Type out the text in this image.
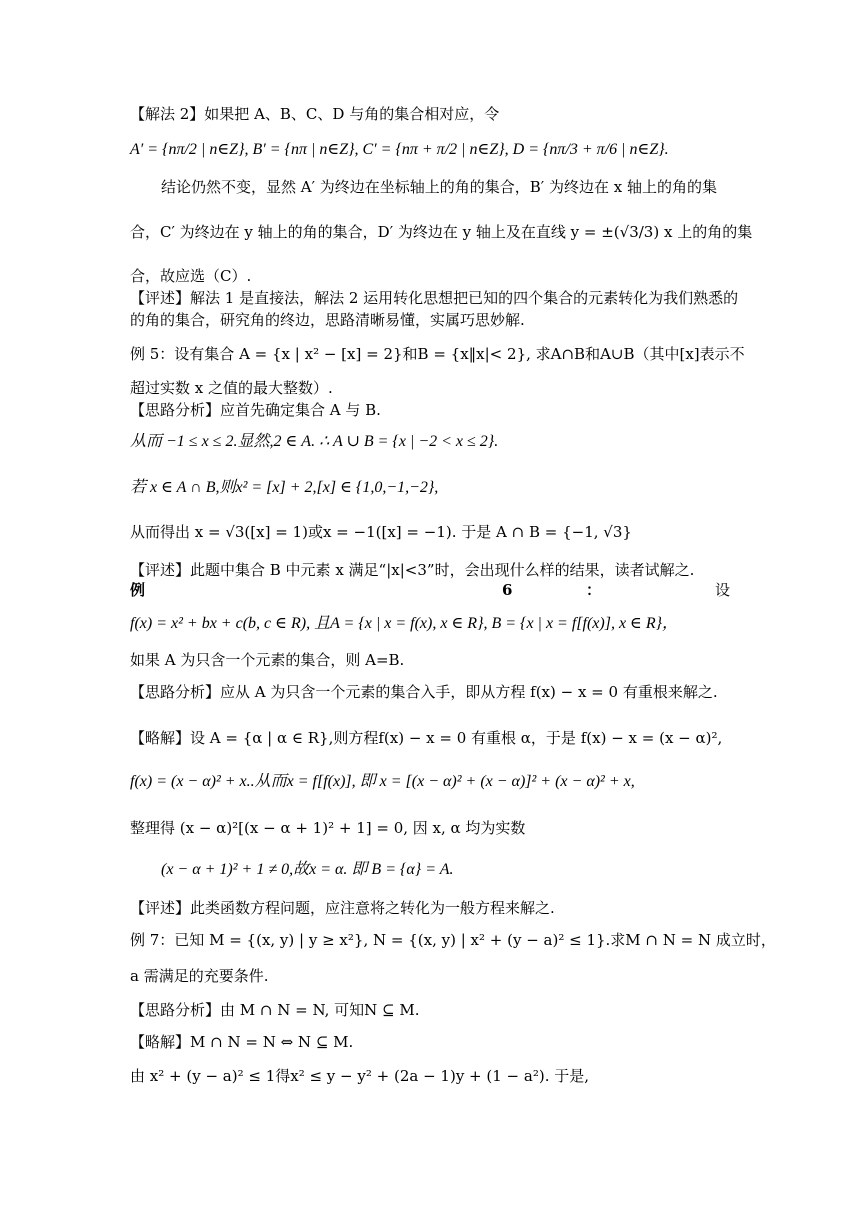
【解法 2】如果把 A、B、C、D 与角的集合相对应，令
A′ = {nπ/2 | n∈Z}, B′ = {nπ | n∈Z}, C′ = {nπ + π/2 | n∈Z}, D = {nπ/3 + π/6 | n∈Z}.
结论仍然不变，显然 A′ 为终边在坐标轴上的角的集合，B′ 为终边在 x 轴上的角的集
合，C′ 为终边在 y 轴上的角的集合，D′ 为终边在 y 轴上及在直线 y = ±(√3/3) x 上的角的集
合，故应选（C）.
【评述】解法 1 是直接法，解法 2 运用转化思想把已知的四个集合的元素转化为我们熟悉的
的角的集合，研究角的终边，思路清晰易懂，实属巧思妙解.
例 5：设有集合 A = {x | x² − [x] = 2}和B = {x‖x|< 2}, 求A∩B和A∪B（其中[x]表示不
超过实数 x 之值的最大整数）.
【思路分析】应首先确定集合 A 与 B.
从而 −1 ≤ x ≤ 2.显然,2 ∈ A. ∴ A ∪ B = {x | −2 < x ≤ 2}.
若 x ∈ A ∩ B,则x² = [x] + 2,[x] ∈ {1,0,−1,−2},
从而得出 x = √3([x] = 1)或x = −1([x] = −1). 于是 A ∩ B = {−1, √3}
【评述】此题中集合 B 中元素 x 满足“|x|<3”时，会出现什么样的结果，读者试解之.
例	6	：	设
f(x) = x² + bx + c(b, c ∈ R), 且A = {x | x = f(x), x ∈ R}, B = {x | x = f[f(x)], x ∈ R}，
如果 A 为只含一个元素的集合，则 A=B.
【思路分析】应从 A 为只含一个元素的集合入手，即从方程 f(x) − x = 0 有重根来解之.
【略解】设 A = {α | α ∈ R},则方程f(x) − x = 0 有重根 α，于是 f(x) − x = (x − α)²,
f(x) = (x − α)² + x..从而x = f[f(x)], 即 x = [(x − α)² + (x − α)]² + (x − α)² + x,
整理得 (x − α)²[(x − α + 1)² + 1] = 0, 因 x, α 均为实数
(x − α + 1)² + 1 ≠ 0,故x = α. 即 B = {α} = A.
【评述】此类函数方程问题，应注意将之转化为一般方程来解之.
例 7：已知 M = {(x, y) | y ≥ x²}, N = {(x, y) | x² + (y − a)² ≤ 1}.求M ∩ N = N 成立时，
a 需满足的充要条件.
【思路分析】由 M ∩ N = N, 可知N ⊆ M.
【略解】M ∩ N = N ⇔ N ⊆ M.
由 x² + (y − a)² ≤ 1得x² ≤ y − y² + (2a − 1)y + (1 − a²). 于是,
